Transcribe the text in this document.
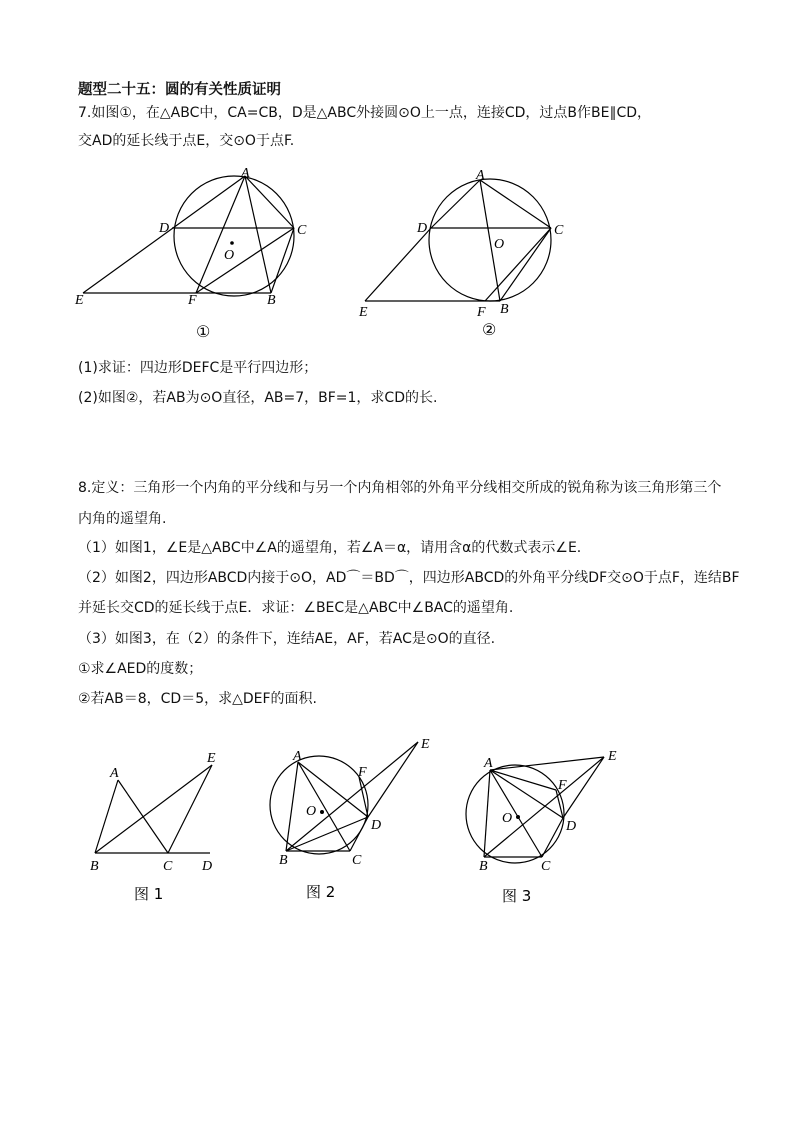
题型二十五：圆的有关性质证明
7.如图①，在△ABC中，CA=CB，D是△ABC外接圆⊙O上一点，连接CD，过点B作BE∥CD，
交AD的延长线于点E，交⊙O于点F.
A
D	C
O
E	F	B
①
A
D	C
O
E	F B
②
(1)求证：四边形DEFC是平行四边形；
(2)如图②，若AB为⊙O直径，AB=7，BF=1，求CD的长.
8.定义：三角形一个内角的平分线和与另一个内角相邻的外角平分线相交所成的锐角称为该三角形第三个
内角的遥望角.
（1）如图1，∠E是△ABC中∠A的遥望角，若∠A＝α，请用含α的代数式表示∠E.
（2）如图2，四边形ABCD内接于⊙O，AD⌒＝BD⌒，四边形ABCD的外角平分线DF交⊙O于点F，连结BF
并延长交CD的延长线于点E．求证：∠BEC是△ABC中∠BAC的遥望角.
（3）如图3，在（2）的条件下，连结AE，AF，若AC是⊙O的直径.
①求∠AED的度数；
②若AB＝8，CD＝5，求△DEF的面积.
A
E
B	C D
图 1
A
F
E
O
D
B	C
图 2
A
F
E
O
D
B	C
图 3
